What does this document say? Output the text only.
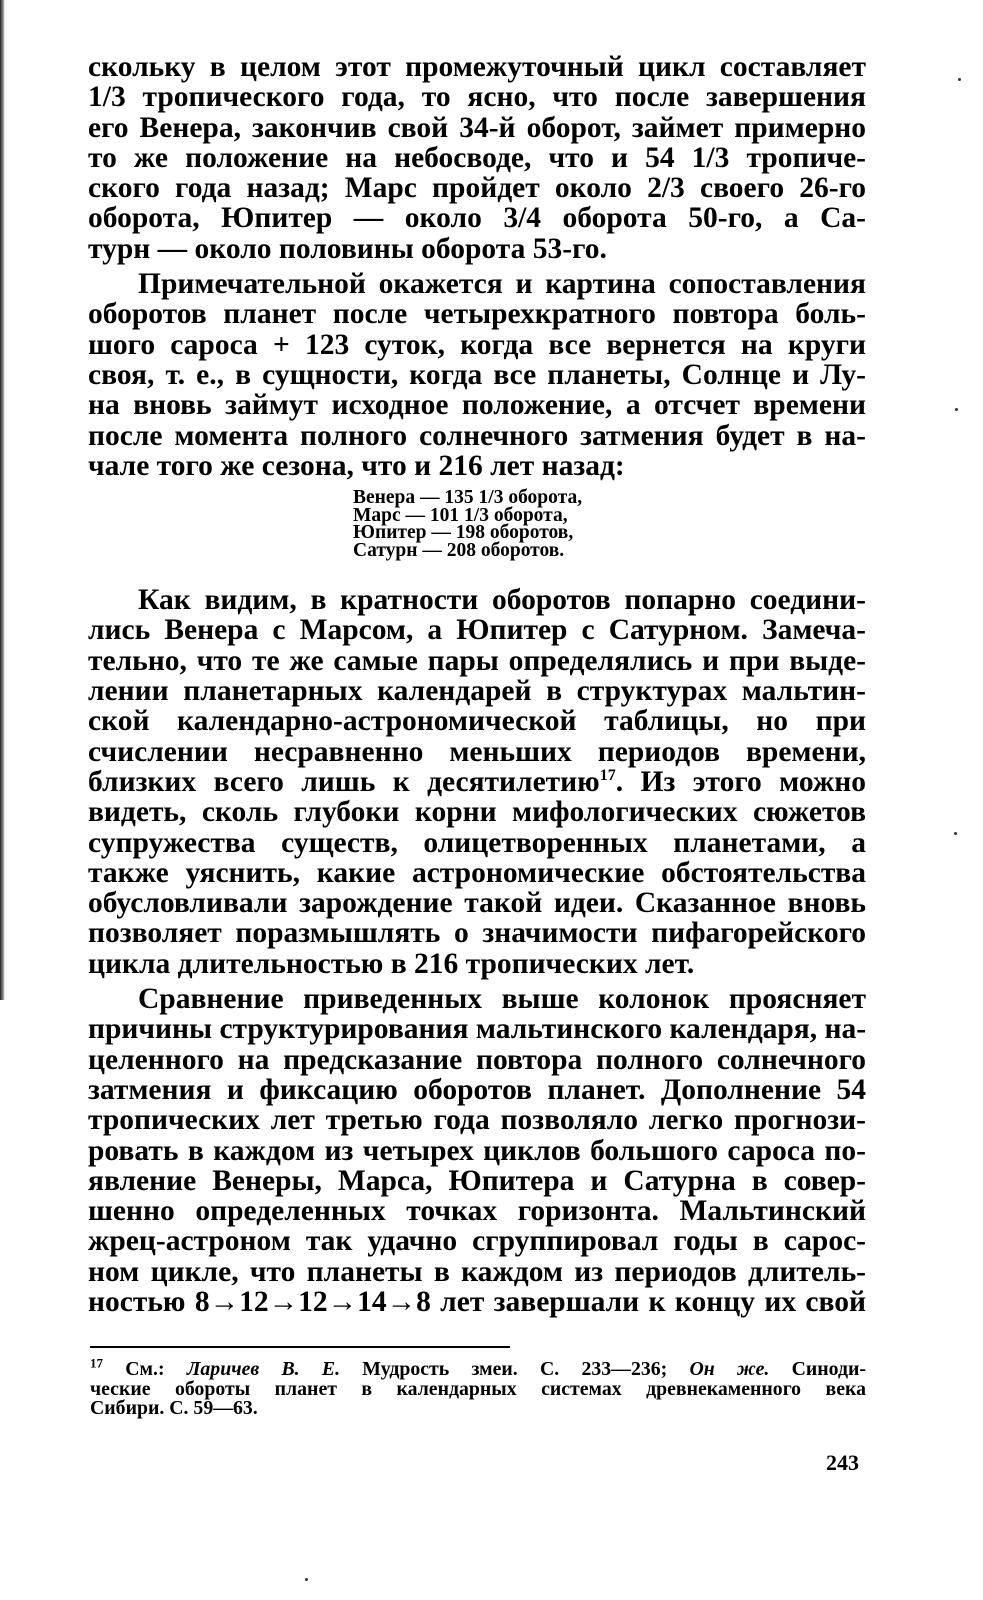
скольку в целом этот промежуточный цикл составляет
1/3 тропического года, то ясно, что после завершения
его Венера, закончив свой 34-й оборот, займет примерно
то же положение на небосводе, что и 54 1/3 тропиче-
ского года назад; Марс пройдет около 2/3 своего 26-го
оборота, Юпитер — около 3/4 оборота 50-го, а Са-
турн — около половины оборота 53-го.

Примечательной окажется и картина сопоставления
оборотов планет после четырехкратного повтора боль-
шого сароса + 123 суток, когда все вернется на круги
своя, т. е., в сущности, когда все планеты, Солнце и Лу-
на вновь займут исходное положение, а отсчет времени
после момента полного солнечного затмения будет в на-
чале того же сезона, что и 216 лет назад:

Венера — 135 1/3 оборота,
Марс — 101 1/3 оборота,
Юпитер — 198 оборотов,
Сатурн — 208 оборотов.

Как видим, в кратности оборотов попарно соедини-
лись Венера с Марсом, а Юпитер с Сатурном. Замеча-
тельно, что те же самые пары определялись и при выде-
лении планетарных календарей в структурах мальтин-
ской календарно-астрономической таблицы, но при
счислении несравненно меньших периодов времени,
близких всего лишь к десятилетию$^{17}$. Из этого можно
видеть, сколь глубоки корни мифологических сюжетов
супружества существ, олицетворенных планетами, а
также уяснить, какие астрономические обстоятельства
обусловливали зарождение такой идеи. Сказанное вновь
позволяет поразмышлять о значимости пифагорейского
цикла длительностью в 216 тропических лет.

Сравнение приведенных выше колонок проясняет
причины структурирования мальтинского календаря, на-
целенного на предсказание повтора полного солнечного
затмения и фиксацию оборотов планет. Дополнение 54
тропических лет третью года позволяло легко прогнози-
ровать в каждом из четырех циклов большого сароса по-
явление Венеры, Марса, Юпитера и Сатурна в совер-
шенно определенных точках горизонта. Мальтинский
жрец-астроном так удачно сгруппировал годы в сарос-
ном цикле, что планеты в каждом из периодов длитель-
ностью 8→12→12→14→8 лет завершали к концу их свой

$^{17}$ См.: Ларичев В. Е. Мудрость змеи. С. 233—236; Он же. Синоди-
ческие обороты планет в календарных системах древнекаменного века
Сибири. С. 59—63.
243
